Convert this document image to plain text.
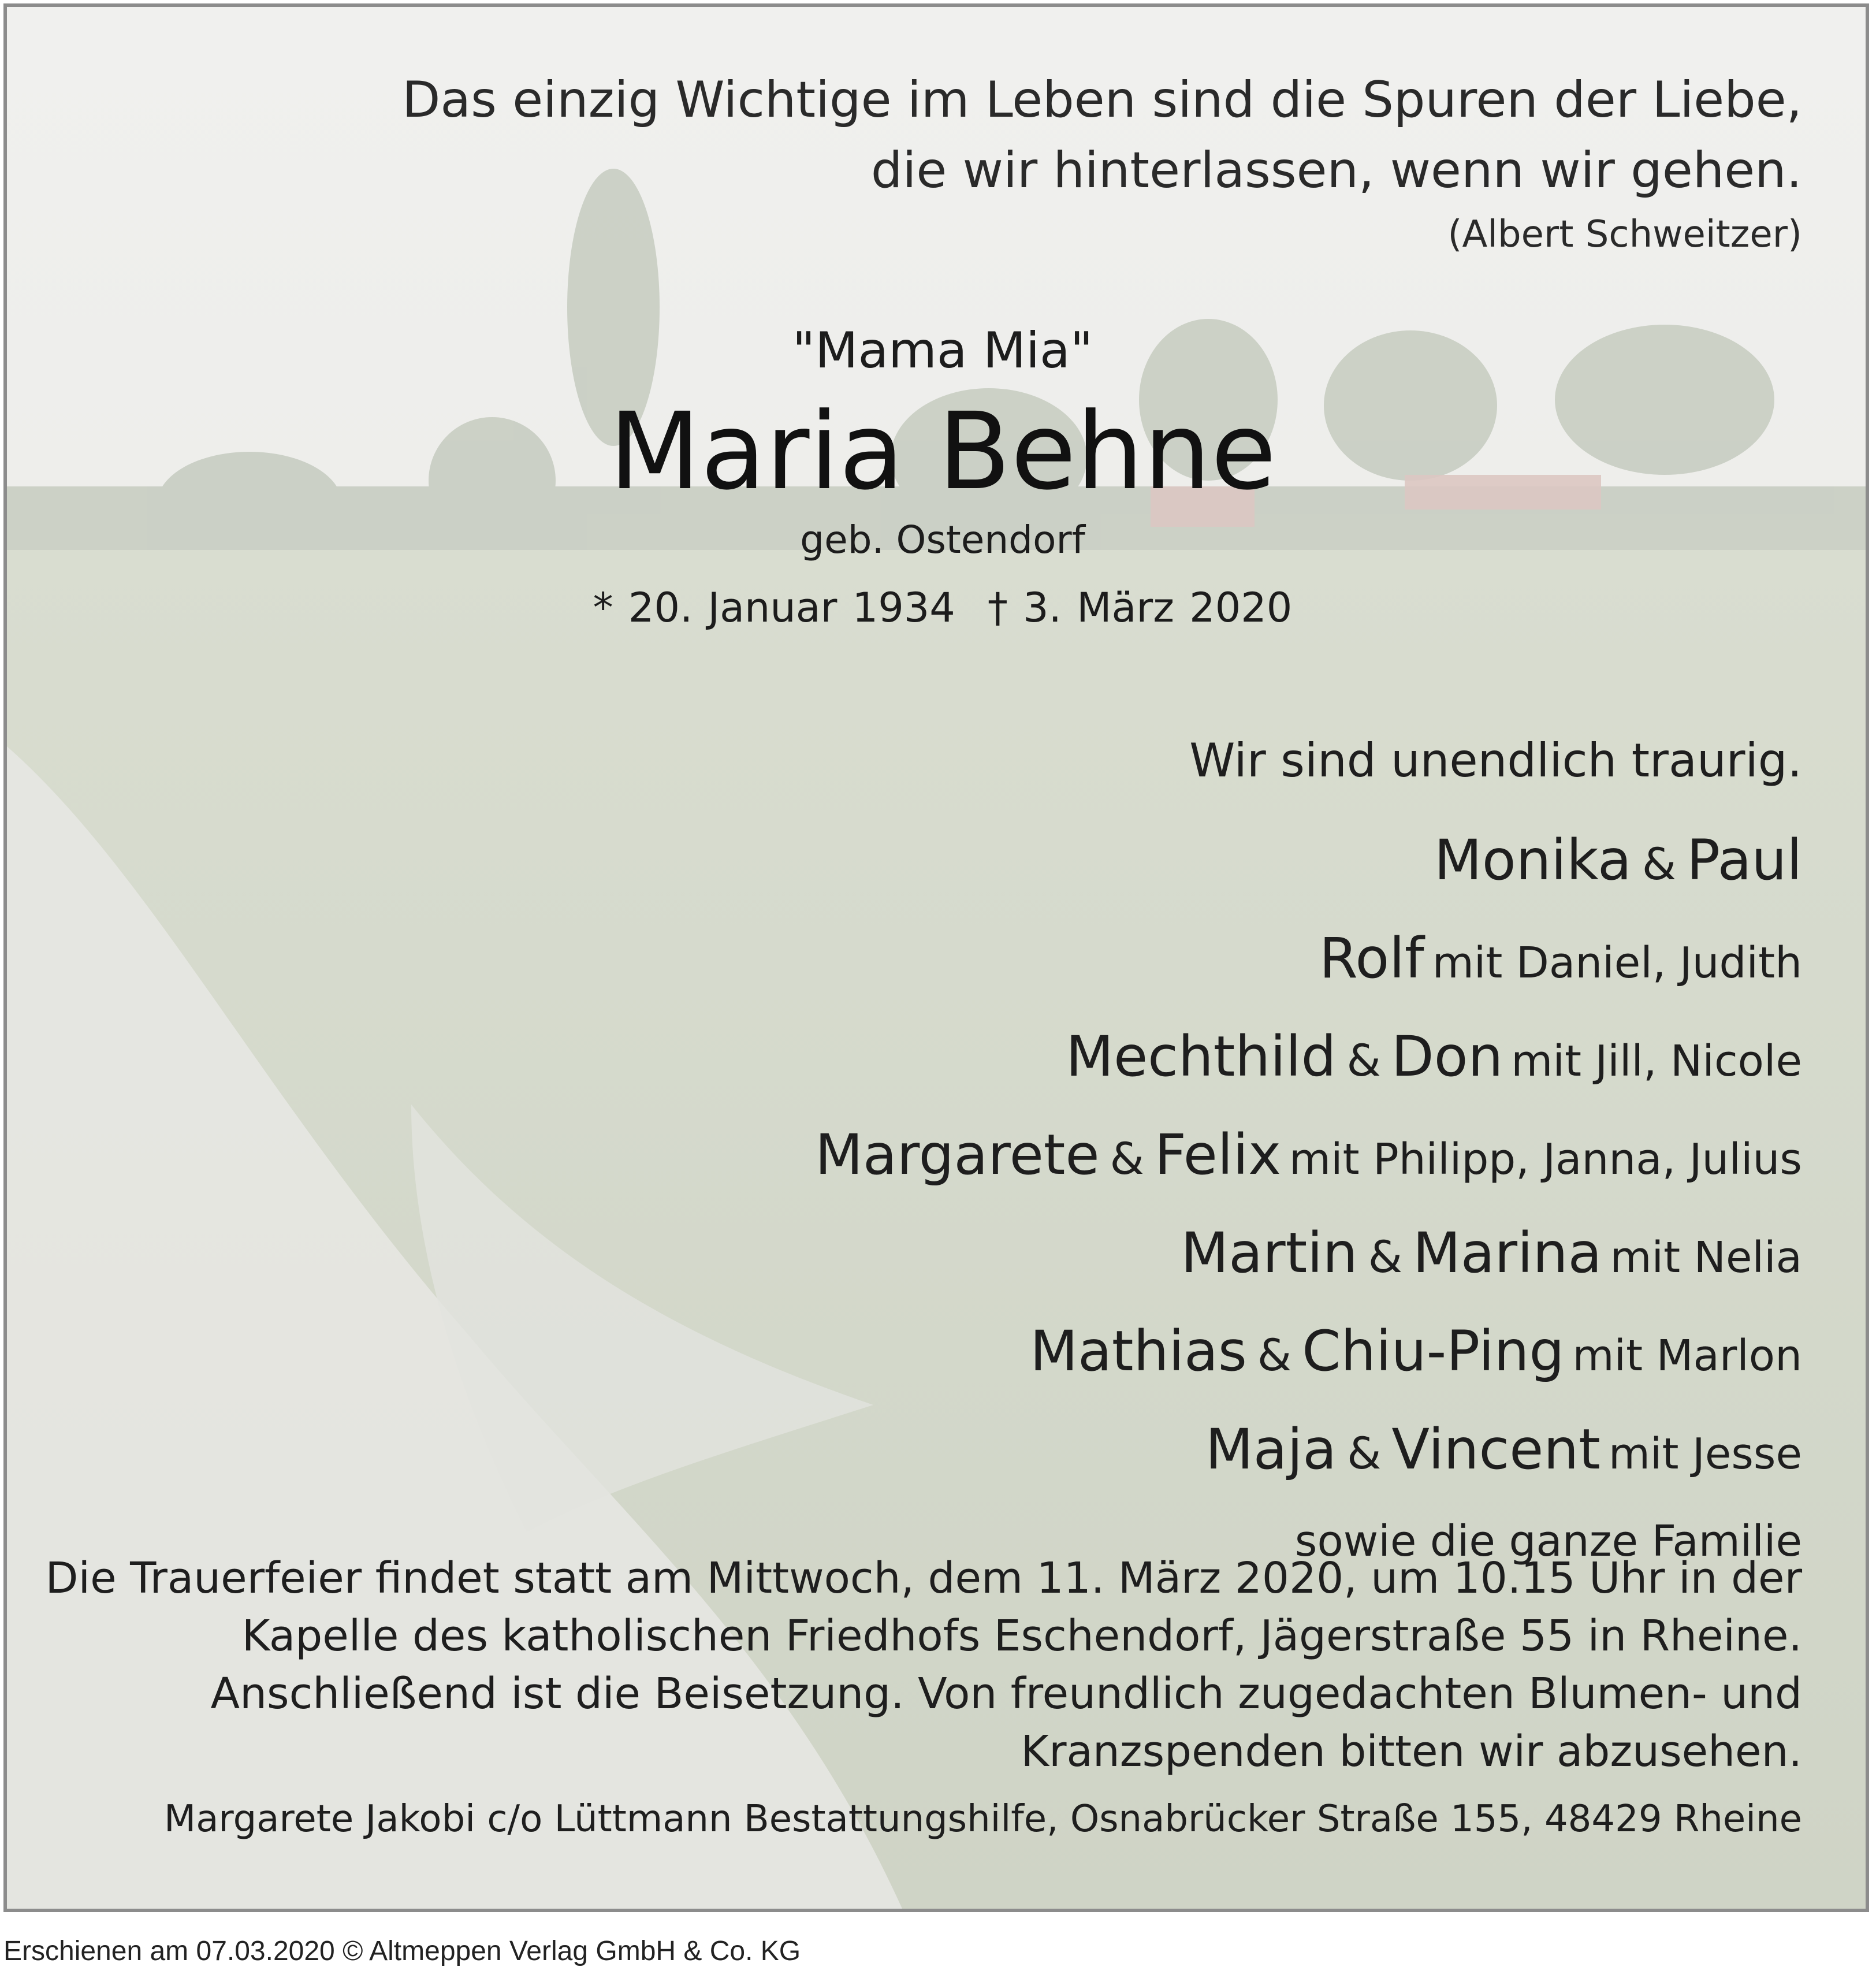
Das einzig Wichtige im Leben sind die Spuren der Liebe,
die wir hinterlassen, wenn wir gehen.
(Albert Schweitzer)
"Mama Mia"
Maria Behne
geb. Ostendorf
* 20. Januar 1934 † 3. März 2020
Wir sind unendlich traurig.
Monika & Paul
Rolf mit Daniel, Judith
Mechthild & Don mit Jill, Nicole
Margarete & Felix mit Philipp, Janna, Julius
Martin & Marina mit Nelia
Mathias & Chiu-Ping mit Marlon
Maja & Vincent mit Jesse
sowie die ganze Familie
Die Trauerfeier findet statt am Mittwoch, dem 11. März 2020, um 10.15 Uhr in der
Kapelle des katholischen Friedhofs Eschendorf, Jägerstraße 55 in Rheine.
Anschließend ist die Beisetzung. Von freundlich zugedachten Blumen- und
Kranzspenden bitten wir abzusehen.
Margarete Jakobi c/o Lüttmann Bestattungshilfe, Osnabrücker Straße 155, 48429 Rheine
Erschienen am 07.03.2020 © Altmeppen Verlag GmbH & Co. KG
